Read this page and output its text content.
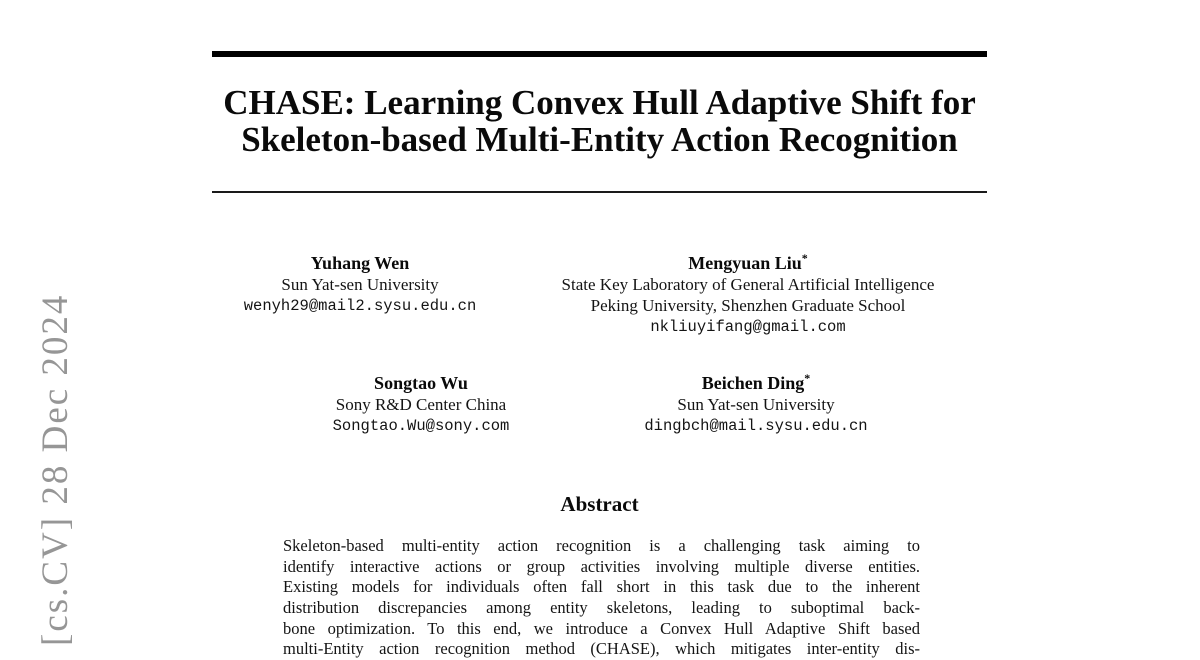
[cs.CV] 28 Dec 2024
CHASE: Learning Convex Hull Adaptive Shift for
Skeleton-based Multi-Entity Action Recognition
Yuhang Wen
Sun Yat-sen University
wenyh29@mail2.sysu.edu.cn
Mengyuan Liu*
State Key Laboratory of General Artificial Intelligence
Peking University, Shenzhen Graduate School
nkliuyifang@gmail.com
Songtao Wu
Sony R&D Center China
Songtao.Wu@sony.com
Beichen Ding*
Sun Yat-sen University
dingbch@mail.sysu.edu.cn
Abstract
Skeleton-based multi-entity action recognition is a challenging task aiming to
identify interactive actions or group activities involving multiple diverse entities.
Existing models for individuals often fall short in this task due to the inherent
distribution discrepancies among entity skeletons, leading to suboptimal back-
bone optimization. To this end, we introduce a Convex Hull Adaptive Shift based
multi-Entity action recognition method (CHASE), which mitigates inter-entity dis-
